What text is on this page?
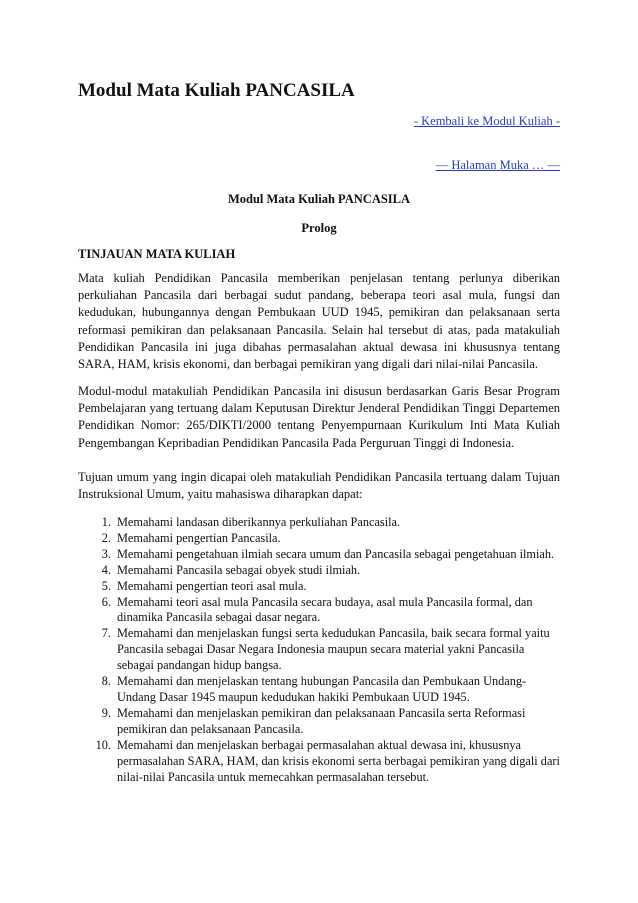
Modul Mata Kuliah PANCASILA
- Kembali ke Modul Kuliah -
— Halaman Muka … —
Modul Mata Kuliah PANCASILA
Prolog
TINJAUAN MATA KULIAH

Mata kuliah Pendidikan Pancasila memberikan penjelasan tentang perlunya diberikan perkuliahan Pancasila dari berbagai sudut pandang, beberapa teori asal mula, fungsi dan kedudukan, hubungannya dengan Pembukaan UUD 1945, pemikiran dan pelaksanaan serta reformasi pemikiran dan pelaksanaan Pancasila. Selain hal tersebut di atas, pada matakuliah Pendidikan Pancasila ini juga dibahas permasalahan aktual dewasa ini khususnya tentang SARA, HAM, krisis ekonomi, dan berbagai pemikiran yang digali dari nilai-nilai Pancasila.

Modul-modul matakuliah Pendidikan Pancasila ini disusun berdasarkan Garis Besar Program Pembelajaran yang tertuang dalam Keputusan Direktur Jenderal Pendidikan Tinggi Departemen Pendidikan Nomor: 265/DIKTI/2000 tentang Penyempurnaan Kurikulum Inti Mata Kuliah Pengembangan Kepribadian Pendidikan Pancasila Pada Perguruan Tinggi di Indonesia.

Tujuan umum yang ingin dicapai oleh matakuliah Pendidikan Pancasila tertuang dalam Tujuan Instruksional Umum, yaitu mahasiswa diharapkan dapat:

1. Memahami landasan diberikannya perkuliahan Pancasila.
2. Memahami pengertian Pancasila.
3. Memahami pengetahuan ilmiah secara umum dan Pancasila sebagai pengetahuan ilmiah.
4. Memahami Pancasila sebagai obyek studi ilmiah.
5. Memahami pengertian teori asal mula.
6. Memahami teori asal mula Pancasila secara budaya, asal mula Pancasila formal, dan dinamika Pancasila sebagai dasar negara.
7. Memahami dan menjelaskan fungsi serta kedudukan Pancasila, baik secara formal yaitu Pancasila sebagai Dasar Negara Indonesia maupun secara material yakni Pancasila sebagai pandangan hidup bangsa.
8. Memahami dan menjelaskan tentang hubungan Pancasila dan Pembukaan Undang-Undang Dasar 1945 maupun kedudukan hakiki Pembukaan UUD 1945.
9. Memahami dan menjelaskan pemikiran dan pelaksanaan Pancasila serta Reformasi pemikiran dan pelaksanaan Pancasila.
10. Memahami dan menjelaskan berbagai permasalahan aktual dewasa ini, khususnya permasalahan SARA, HAM, dan krisis ekonomi serta berbagai pemikiran yang digali dari nilai-nilai Pancasila untuk memecahkan permasalahan tersebut.
